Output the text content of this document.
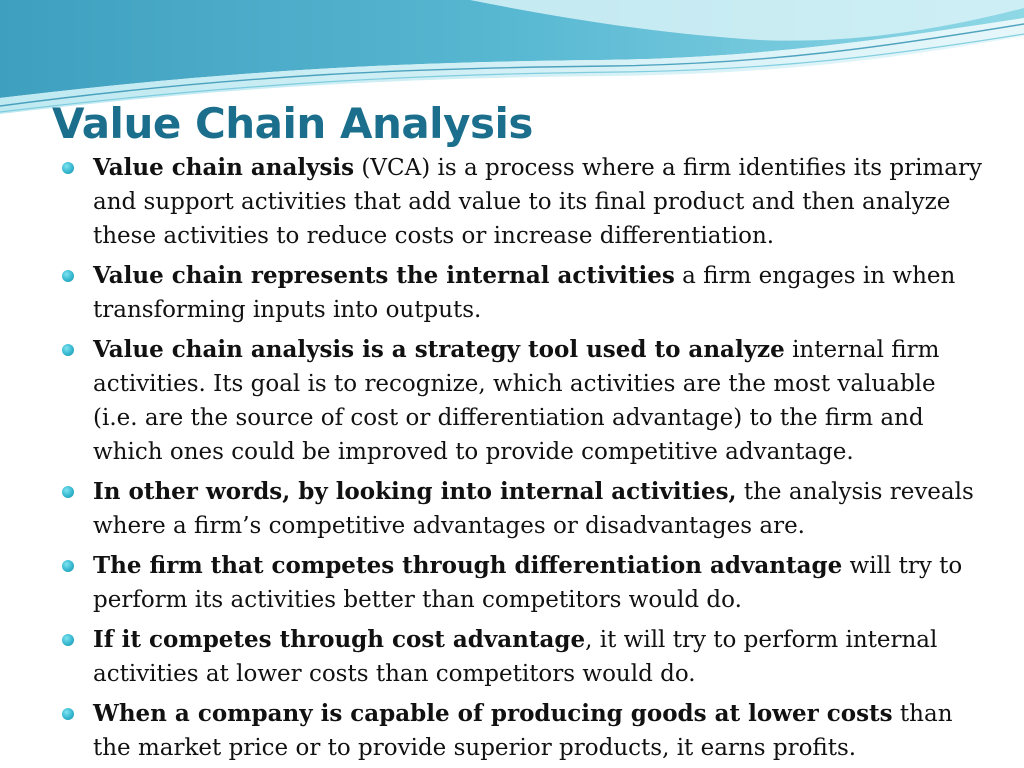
Value Chain Analysis
Value chain analysis (VCA) is a process where a firm identifies its primary and support activities that add value to its final product and then analyze these activities to reduce costs or increase differentiation.
Value chain represents the internal activities a firm engages in when transforming inputs into outputs.
Value chain analysis is a strategy tool used to analyze internal firm activities. Its goal is to recognize, which activities are the most valuable (i.e. are the source of cost or differentiation advantage) to the firm and which ones could be improved to provide competitive advantage.
In other words, by looking into internal activities, the analysis reveals where a firm’s competitive advantages or disadvantages are.
The firm that competes through differentiation advantage will try to perform its activities better than competitors would do.
If it competes through cost advantage, it will try to perform internal activities at lower costs than competitors would do.
When a company is capable of producing goods at lower costs than the market price or to provide superior products, it earns profits.
